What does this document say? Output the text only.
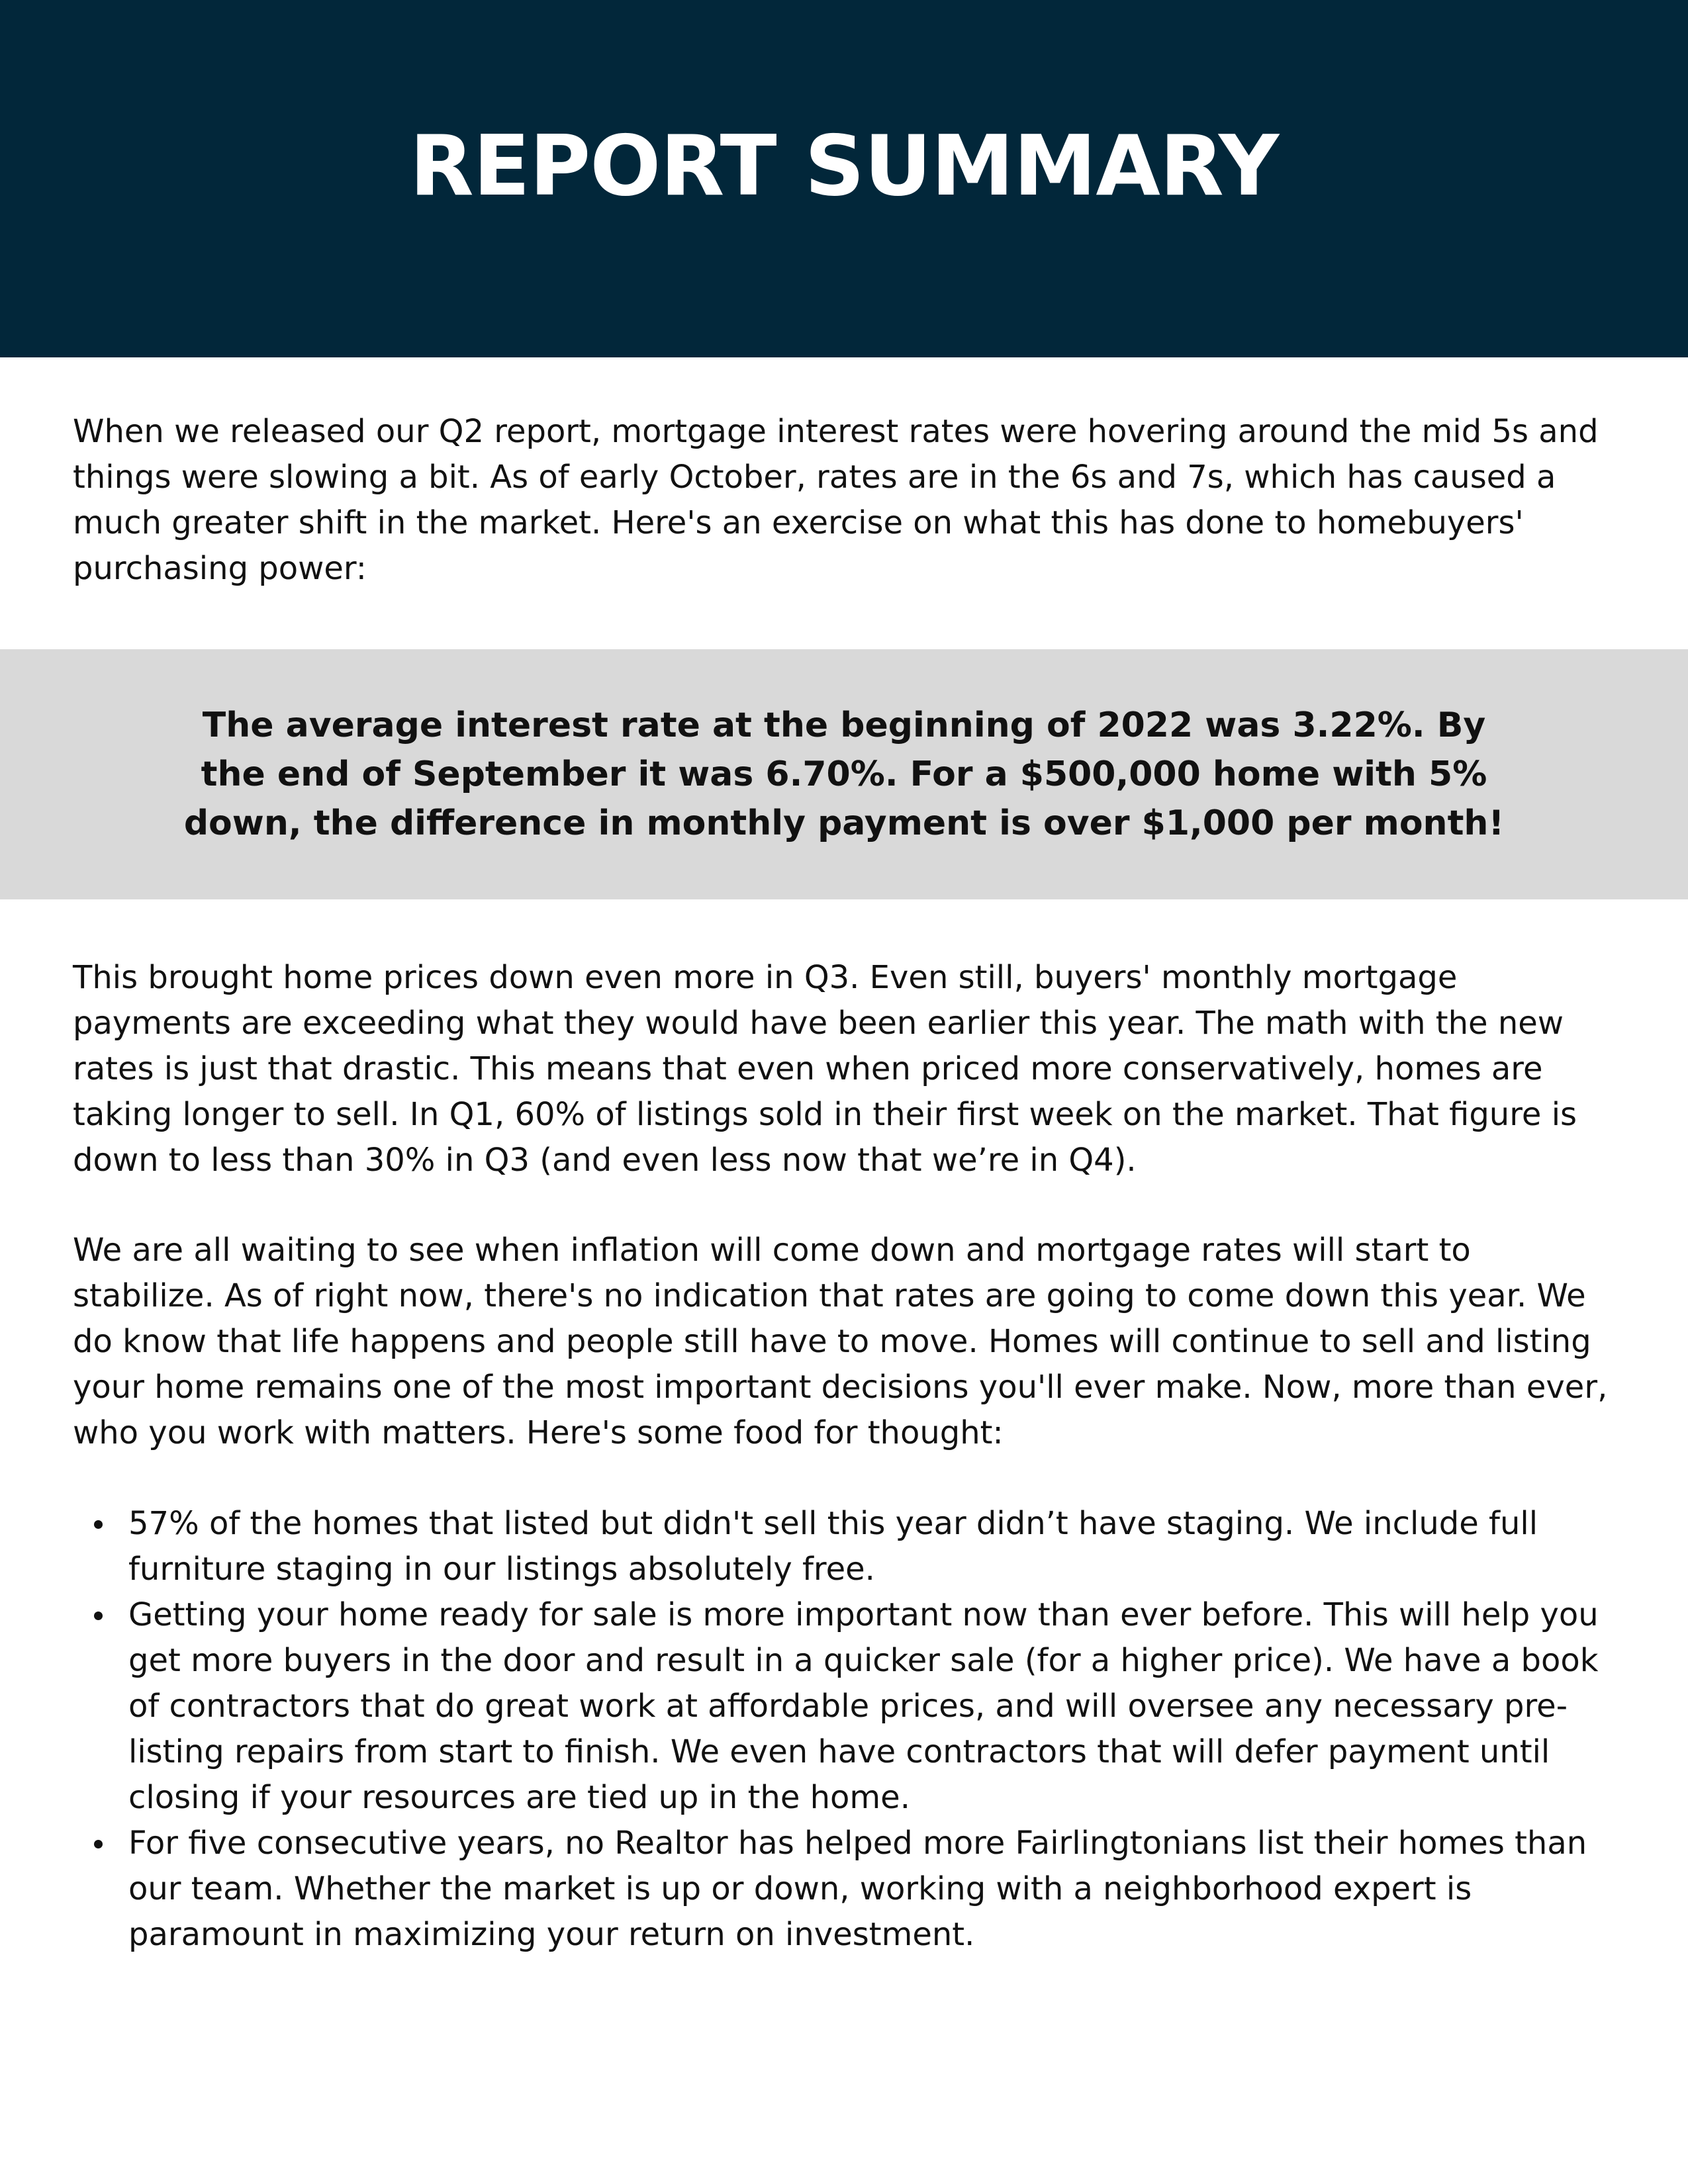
REPORT SUMMARY

When we released our Q2 report, mortgage interest rates were hovering around the mid 5s and things were slowing a bit. As of early October, rates are in the 6s and 7s, which has caused a much greater shift in the market. Here's an exercise on what this has done to homebuyers' purchasing power:

The average interest rate at the beginning of 2022 was 3.22%. By the end of September it was 6.70%. For a $500,000 home with 5% down, the difference in monthly payment is over $1,000 per month!

This brought home prices down even more in Q3. Even still, buyers' monthly mortgage payments are exceeding what they would have been earlier this year. The math with the new rates is just that drastic. This means that even when priced more conservatively, homes are taking longer to sell. In Q1, 60% of listings sold in their first week on the market. That figure is down to less than 30% in Q3 (and even less now that we’re in Q4).

We are all waiting to see when inflation will come down and mortgage rates will start to stabilize. As of right now, there's no indication that rates are going to come down this year. We do know that life happens and people still have to move. Homes will continue to sell and listing your home remains one of the most important decisions you'll ever make. Now, more than ever, who you work with matters. Here's some food for thought:

57% of the homes that listed but didn't sell this year didn’t have staging. We include full furniture staging in our listings absolutely free.
Getting your home ready for sale is more important now than ever before. This will help you get more buyers in the door and result in a quicker sale (for a higher price). We have a book of contractors that do great work at affordable prices, and will oversee any necessary pre-listing repairs from start to finish. We even have contractors that will defer payment until closing if your resources are tied up in the home.
For five consecutive years, no Realtor has helped more Fairlingtonians list their homes than our team. Whether the market is up or down, working with a neighborhood expert is paramount in maximizing your return on investment.
